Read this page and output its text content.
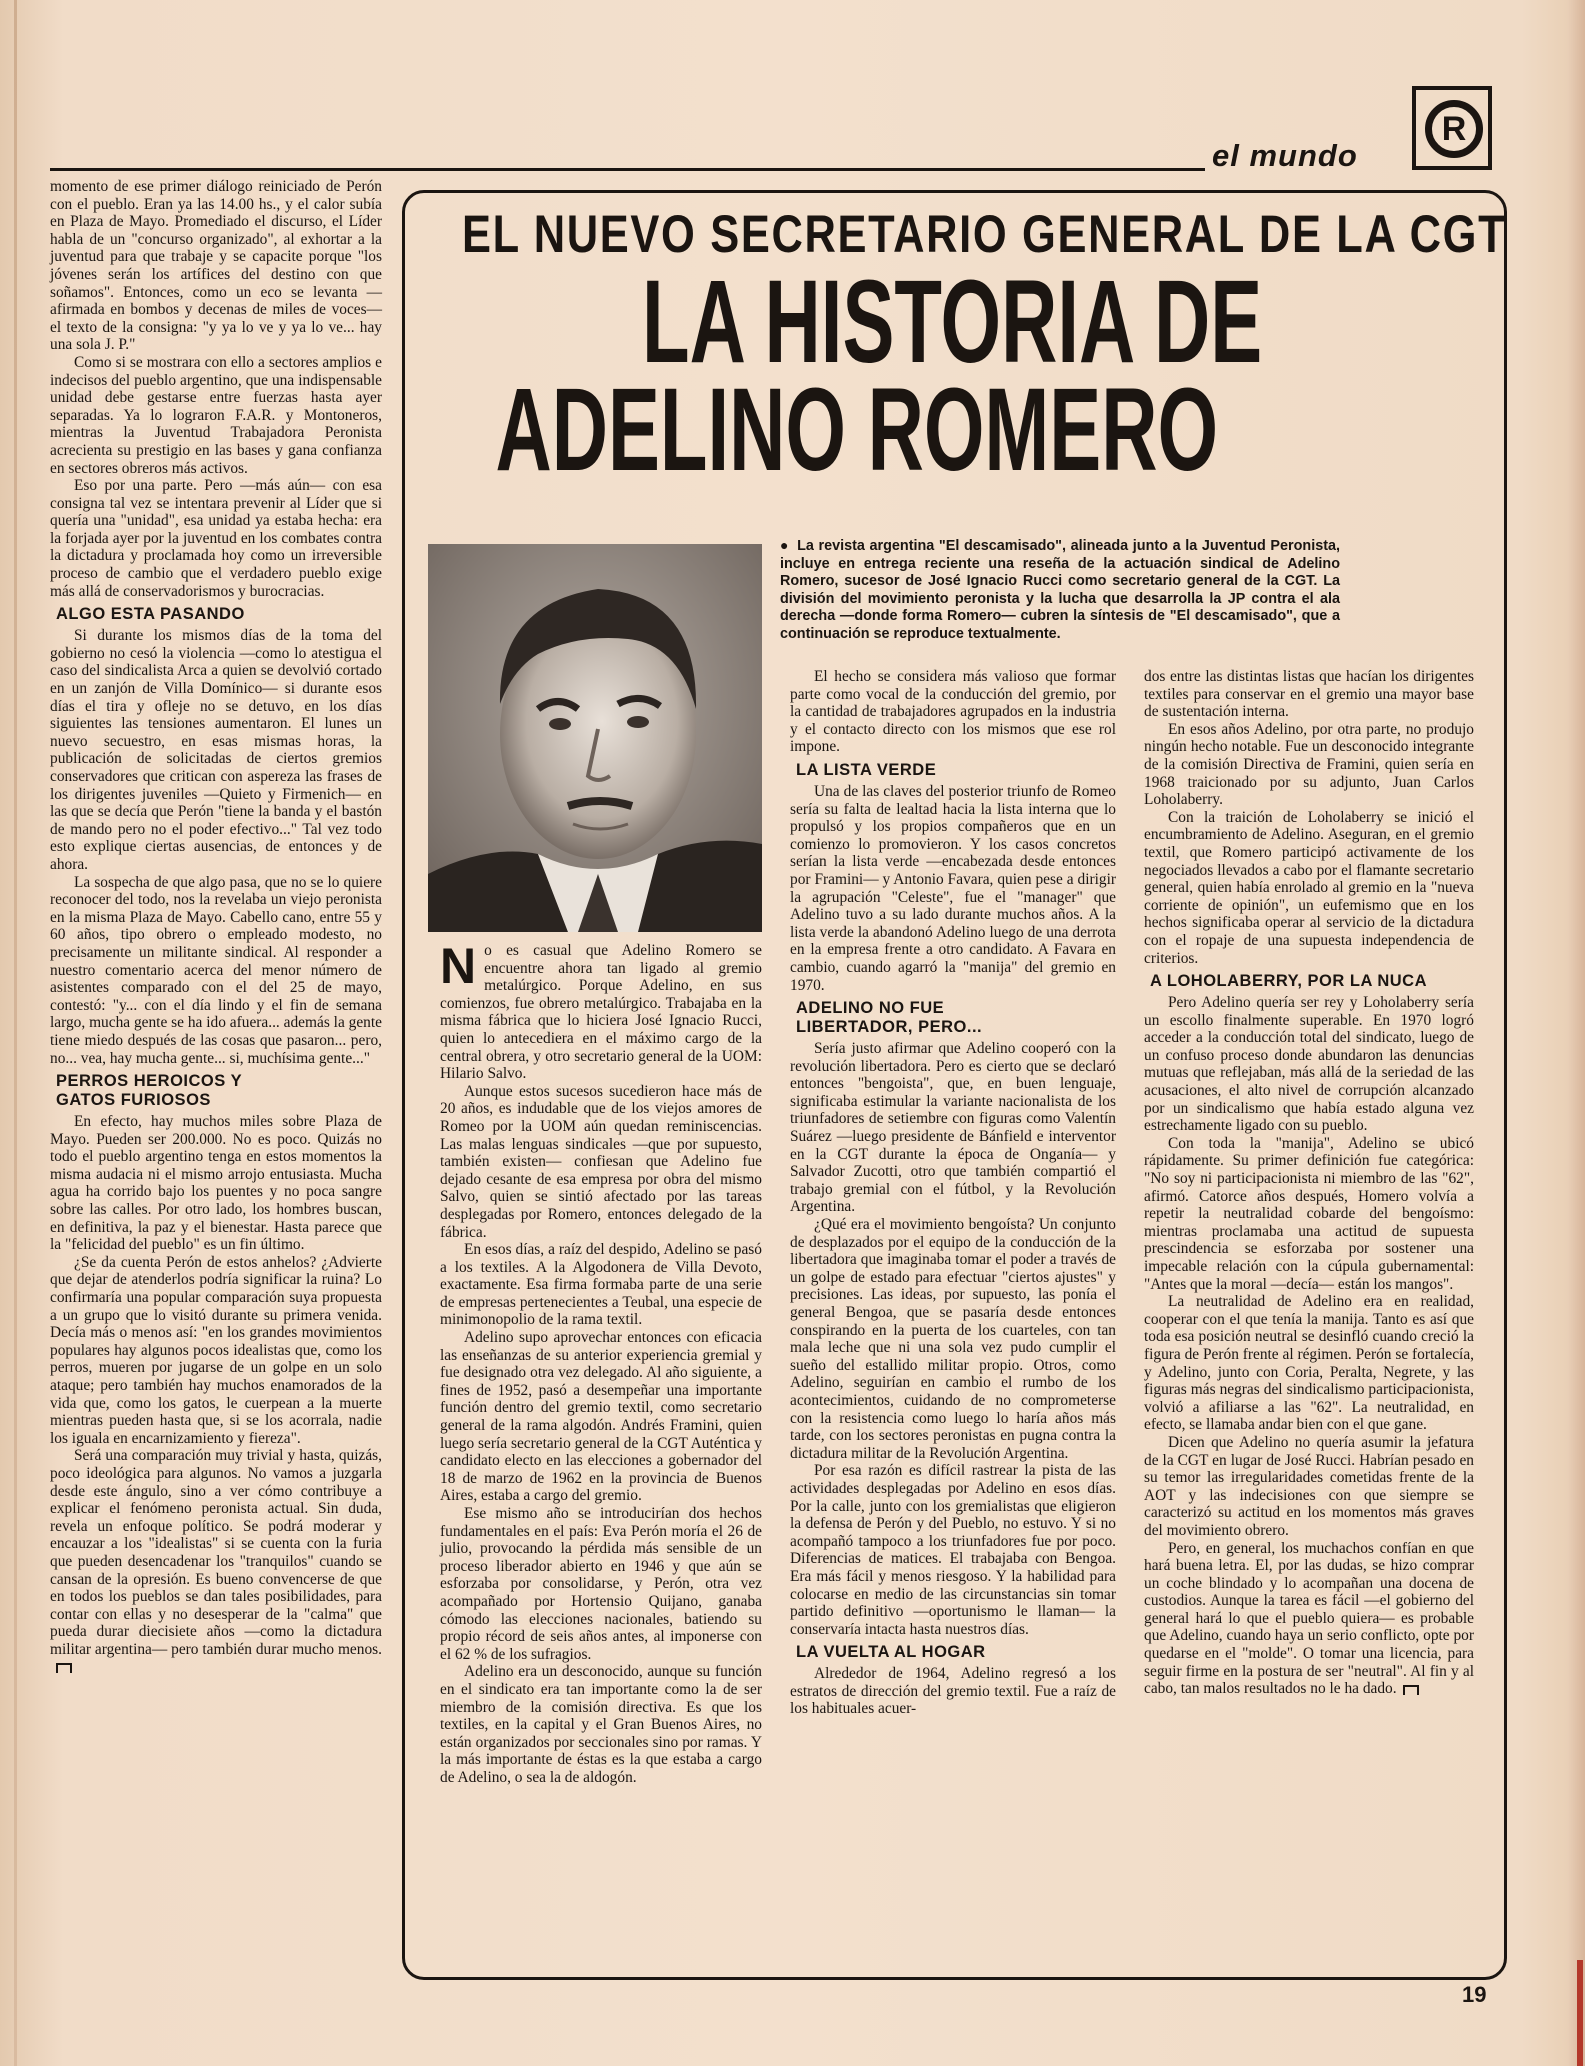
el mundo
R

momento de ese primer diálogo reiniciado de Perón con el pueblo. Eran ya las 14.00 hs., y el calor subía en Plaza de Mayo. Promediado el discurso, el Líder habla de un "concurso organizado", al exhortar a la juventud para que trabaje y se capacite porque "los jóvenes serán los artífices del destino con que soñamos". Entonces, como un eco se levanta —afirmada en bombos y decenas de miles de voces— el texto de la consigna: "y ya lo ve y ya lo ve... hay una sola J. P."

Como si se mostrara con ello a sectores amplios e indecisos del pueblo argentino, que una indispensable unidad debe gestarse entre fuerzas hasta ayer separadas. Ya lo lograron F.A.R. y Montoneros, mientras la Juventud Trabajadora Peronista acrecienta su prestigio en las bases y gana confianza en sectores obreros más activos.

Eso por una parte. Pero —más aún— con esa consigna tal vez se intentara prevenir al Líder que si quería una "unidad", esa unidad ya estaba hecha: era la forjada ayer por la juventud en los combates contra la dictadura y proclamada hoy como un irreversible proceso de cambio que el verdadero pueblo exige más allá de conservadorismos y burocracias.

ALGO ESTA PASANDO

Si durante los mismos días de la toma del gobierno no cesó la violencia —como lo atestigua el caso del sindicalista Arca a quien se devolvió cortado en un zanjón de Villa Domínico— si durante esos días el tira y ofleje no se detuvo, en los días siguientes las tensiones aumentaron. El lunes un nuevo secuestro, en esas mismas horas, la publicación de solicitadas de ciertos gremios conservadores que critican con aspereza las frases de los dirigentes juveniles —Quieto y Firmenich— en las que se decía que Perón "tiene la banda y el bastón de mando pero no el poder efectivo..." Tal vez todo esto explique ciertas ausencias, de entonces y de ahora.

La sospecha de que algo pasa, que no se lo quiere reconocer del todo, nos la revelaba un viejo peronista en la misma Plaza de Mayo. Cabello cano, entre 55 y 60 años, tipo obrero o empleado modesto, no precisamente un militante sindical. Al responder a nuestro comentario acerca del menor número de asistentes comparado con el del 25 de mayo, contestó: "y... con el día lindo y el fin de semana largo, mucha gente se ha ido afuera... además la gente tiene miedo después de las cosas que pasaron... pero, no... vea, hay mucha gente... si, muchísima gente..."

PERROS HEROICOS Y GATOS FURIOSOS

En efecto, hay muchos miles sobre Plaza de Mayo. Pueden ser 200.000. No es poco. Quizás no todo el pueblo argentino tenga en estos momentos la misma audacia ni el mismo arrojo entusiasta. Mucha agua ha corrido bajo los puentes y no poca sangre sobre las calles. Por otro lado, los hombres buscan, en definitiva, la paz y el bienestar. Hasta parece que la "felicidad del pueblo" es un fin último.

¿Se da cuenta Perón de estos anhelos? ¿Advierte que dejar de atenderlos podría significar la ruina? Lo confirmaría una popular comparación suya propuesta a un grupo que lo visitó durante su primera venida. Decía más o menos así: "en los grandes movimientos populares hay algunos pocos idealistas que, como los perros, mueren por jugarse de un golpe en un solo ataque; pero también hay muchos enamorados de la vida que, como los gatos, le cuerpean a la muerte mientras pueden hasta que, si se los acorrala, nadie los iguala en encarnizamiento y fiereza".

Será una comparación muy trivial y hasta, quizás, poco ideológica para algunos. No vamos a juzgarla desde este ángulo, sino a ver cómo contribuye a explicar el fenómeno peronista actual. Sin duda, revela un enfoque político. Se podrá moderar y encauzar a los "idealistas" si se cuenta con la furia que pueden desencadenar los "tranquilos" cuando se cansan de la opresión. Es bueno convencerse de que en todos los pueblos se dan tales posibilidades, para contar con ellas y no desesperar de la "calma" que pueda durar diecisiete años —como la dictadura militar argentina— pero también durar mucho menos.

EL NUEVO SECRETARIO GENERAL DE LA CGT
LA HISTORIA DE
ADELINO ROMERO
● La revista argentina "El descamisado", alineada junto a la Juventud Peronista, incluye en entrega reciente una reseña de la actuación sindical de Adelino Romero, sucesor de José Ignacio Rucci como secretario general de la CGT. La división del movimiento peronista y la lucha que desarrolla la JP contra el ala derecha —donde forma Romero— cubren la síntesis de "El descamisado", que a continuación se reproduce textualmente.

No es casual que Adelino Romero se encuentre ahora tan ligado al gremio metalúrgico. Porque Adelino, en sus comienzos, fue obrero metalúrgico. Trabajaba en la misma fábrica que lo hiciera José Ignacio Rucci, quien lo antecediera en el máximo cargo de la central obrera, y otro secretario general de la UOM: Hilario Salvo.

Aunque estos sucesos sucedieron hace más de 20 años, es indudable que de los viejos amores de Romeo por la UOM aún quedan reminiscencias. Las malas lenguas sindicales —que por supuesto, también existen— confiesan que Adelino fue dejado cesante de esa empresa por obra del mismo Salvo, quien se sintió afectado por las tareas desplegadas por Romero, entonces delegado de la fábrica.

En esos días, a raíz del despido, Adelino se pasó a los textiles. A la Algodonera de Villa Devoto, exactamente. Esa firma formaba parte de una serie de empresas pertenecientes a Teubal, una especie de minimonopolio de la rama textil.

Adelino supo aprovechar entonces con eficacia las enseñanzas de su anterior experiencia gremial y fue designado otra vez delegado. Al año siguiente, a fines de 1952, pasó a desempeñar una importante función dentro del gremio textil, como secretario general de la rama algodón. Andrés Framini, quien luego sería secretario general de la CGT Auténtica y candidato electo en las elecciones a gobernador del 18 de marzo de 1962 en la provincia de Buenos Aires, estaba a cargo del gremio.

Ese mismo año se introducirían dos hechos fundamentales en el país: Eva Perón moría el 26 de julio, provocando la pérdida más sensible de un proceso liberador abierto en 1946 y que aún se esforzaba por consolidarse, y Perón, otra vez acompañado por Hortensio Quijano, ganaba cómodo las elecciones nacionales, batiendo su propio récord de seis años antes, al imponerse con el 62 % de los sufragios.

Adelino era un desconocido, aunque su función en el sindicato era tan importante como la de ser miembro de la comisión directiva. Es que los textiles, en la capital y el Gran Buenos Aires, no están organizados por seccionales sino por ramas. Y la más importante de éstas es la que estaba a cargo de Adelino, o sea la de aldogón.

El hecho se considera más valioso que formar parte como vocal de la conducción del gremio, por la cantidad de trabajadores agrupados en la industria y el contacto directo con los mismos que ese rol impone.

LA LISTA VERDE

Una de las claves del posterior triunfo de Romeo sería su falta de lealtad hacia la lista interna que lo propulsó y los propios compañeros que en un comienzo lo promovieron. Y los casos concretos serían la lista verde —encabezada desde entonces por Framini— y Antonio Favara, quien pese a dirigir la agrupación "Celeste", fue el "manager" que Adelino tuvo a su lado durante muchos años. A la lista verde la abandonó Adelino luego de una derrota en la empresa frente a otro candidato. A Favara en cambio, cuando agarró la "manija" del gremio en 1970.

ADELINO NO FUE LIBERTADOR, PERO...

Sería justo afirmar que Adelino cooperó con la revolución libertadora. Pero es cierto que se declaró entonces "bengoista", que, en buen lenguaje, significaba estimular la variante nacionalista de los triunfadores de setiembre con figuras como Valentín Suárez —luego presidente de Bánfield e interventor en la CGT durante la época de Onganía— y Salvador Zucotti, otro que también compartió el trabajo gremial con el fútbol, y la Revolución Argentina.

¿Qué era el movimiento bengoísta? Un conjunto de desplazados por el equipo de la conducción de la libertadora que imaginaba tomar el poder a través de un golpe de estado para efectuar "ciertos ajustes" y precisiones. Las ideas, por supuesto, las ponía el general Bengoa, que se pasaría desde entonces conspirando en la puerta de los cuarteles, con tan mala leche que ni una sola vez pudo cumplir el sueño del estallido militar propio. Otros, como Adelino, seguirían en cambio el rumbo de los acontecimientos, cuidando de no comprometerse con la resistencia como luego lo haría años más tarde, con los sectores peronistas en pugna contra la dictadura militar de la Revolución Argentina.

Por esa razón es difícil rastrear la pista de las actividades desplegadas por Adelino en esos días. Por la calle, junto con los gremialistas que eligieron la defensa de Perón y del Pueblo, no estuvo. Y si no acompañó tampoco a los triunfadores fue por poco. Diferencias de matices. El trabajaba con Bengoa. Era más fácil y menos riesgoso. Y la habilidad para colocarse en medio de las circunstancias sin tomar partido definitivo —oportunismo le llaman— la conservaría intacta hasta nuestros días.

LA VUELTA AL HOGAR

Alrededor de 1964, Adelino regresó a los estratos de dirección del gremio textil. Fue a raíz de los habituales acuer-

dos entre las distintas listas que hacían los dirigentes textiles para conservar en el gremio una mayor base de sustentación interna.

En esos años Adelino, por otra parte, no produjo ningún hecho notable. Fue un desconocido integrante de la comisión Directiva de Framini, quien sería en 1968 traicionado por su adjunto, Juan Carlos Loholaberry.

Con la traición de Loholaberry se inició el encumbramiento de Adelino. Aseguran, en el gremio textil, que Romero participó activamente de los negociados llevados a cabo por el flamante secretario general, quien había enrolado al gremio en la "nueva corriente de opinión", un eufemismo que en los hechos significaba operar al servicio de la dictadura con el ropaje de una supuesta independencia de criterios.

A LOHOLABERRY, POR LA NUCA

Pero Adelino quería ser rey y Loholaberry sería un escollo finalmente superable. En 1970 logró acceder a la conducción total del sindicato, luego de un confuso proceso donde abundaron las denuncias mutuas que reflejaban, más allá de la seriedad de las acusaciones, el alto nivel de corrupción alcanzado por un sindicalismo que había estado alguna vez estrechamente ligado con su pueblo.

Con toda la "manija", Adelino se ubicó rápidamente. Su primer definición fue categórica: "No soy ni participacionista ni miembro de las "62", afirmó. Catorce años después, Homero volvía a repetir la neutralidad cobarde del bengoísmo: mientras proclamaba una actitud de supuesta prescindencia se esforzaba por sostener una impecable relación con la cúpula gubernamental: "Antes que la moral —decía— están los mangos".

La neutralidad de Adelino era en realidad, cooperar con el que tenía la manija. Tanto es así que toda esa posición neutral se desinfló cuando creció la figura de Perón frente al régimen. Perón se fortalecía, y Adelino, junto con Coria, Peralta, Negrete, y las figuras más negras del sindicalismo participacionista, volvió a afiliarse a las "62". La neutralidad, en efecto, se llamaba andar bien con el que gane.

Dicen que Adelino no quería asumir la jefatura de la CGT en lugar de José Rucci. Habrían pesado en su temor las irregularidades cometidas frente de la AOT y las indecisiones con que siempre se caracterizó su actitud en los momentos más graves del movimiento obrero.

Pero, en general, los muchachos confían en que hará buena letra. El, por las dudas, se hizo comprar un coche blindado y lo acompañan una docena de custodios. Aunque la tarea es fácil —el gobierno del general hará lo que el pueblo quiera— es probable que Adelino, cuando haya un serio conflicto, opte por quedarse en el "molde". O tomar una licencia, para seguir firme en la postura de ser "neutral". Al fin y al cabo, tan malos resultados no le ha dado.

19
